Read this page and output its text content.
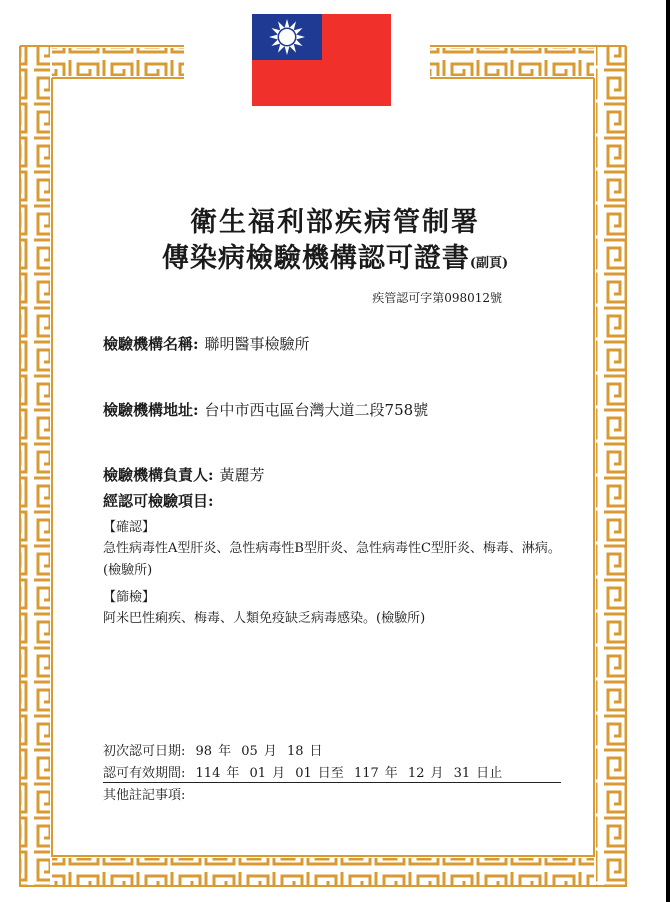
衛生福利部疾病管制署
傳染病檢驗機構認可證書(副頁)
疾管認可字第098012號
檢驗機構名稱: 聯明醫事檢驗所
檢驗機構地址: 台中市西屯區台灣大道二段758號
檢驗機構負責人: 黃麗芳
經認可檢驗項目:
【確認】
急性病毒性A型肝炎、急性病毒性B型肝炎、急性病毒性C型肝炎、梅毒、淋病。(檢驗所)
【篩檢】
阿米巴性痢疾、梅毒、人類免疫缺乏病毒感染。(檢驗所)
初次認可日期: 98 年 05 月 18 日
認可有效期間: 114 年 01 月 01 日至 117 年 12 月 31 日止
其他註記事項:
